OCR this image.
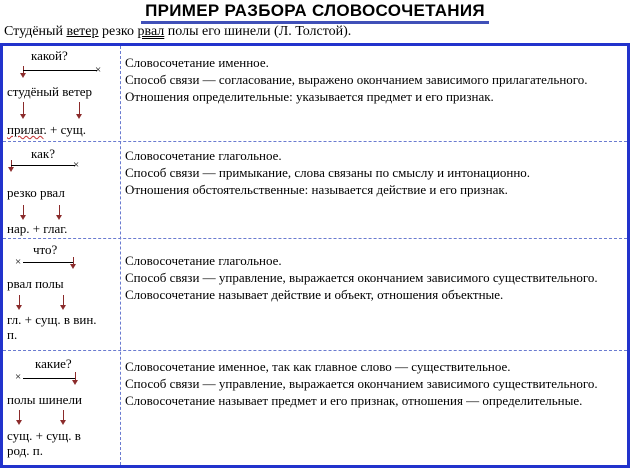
ПРИМЕР РАЗБОРА СЛОВОСОЧЕТАНИЯ
Студёный ветер резко рвал полы его шинели (Л. Толстой).
какой?
×
студёный ветер
прилаг. + сущ.

Словосочетание именное.

Способ связи — согласование, выражено окончанием зависимого прилагательного.

Отношения определительные: указывается предмет и его признак.

как?
×
резко рвал
нар. + глаг.

Словосочетание глагольное.

Способ связи — примыкание, слова связаны по смыслу и интонационно.

Отношения обстоятельственные: называется действие и его признак.

что?
×
рвал полы
гл. + сущ. в вин.
п.

Словосочетание глагольное.

Способ связи — управление, выражается окончанием зависимого существительного.

Словосочетание называет действие и объект, отношения объектные.

какие?
×
полы шинели
сущ. + сущ. в
род. п.

Словосочетание именное, так как главное слово — существительное.

Способ связи — управление, выражается окончанием зависимого существительного.

Словосочетание называет предмет и его признак, отношения — определительные.
